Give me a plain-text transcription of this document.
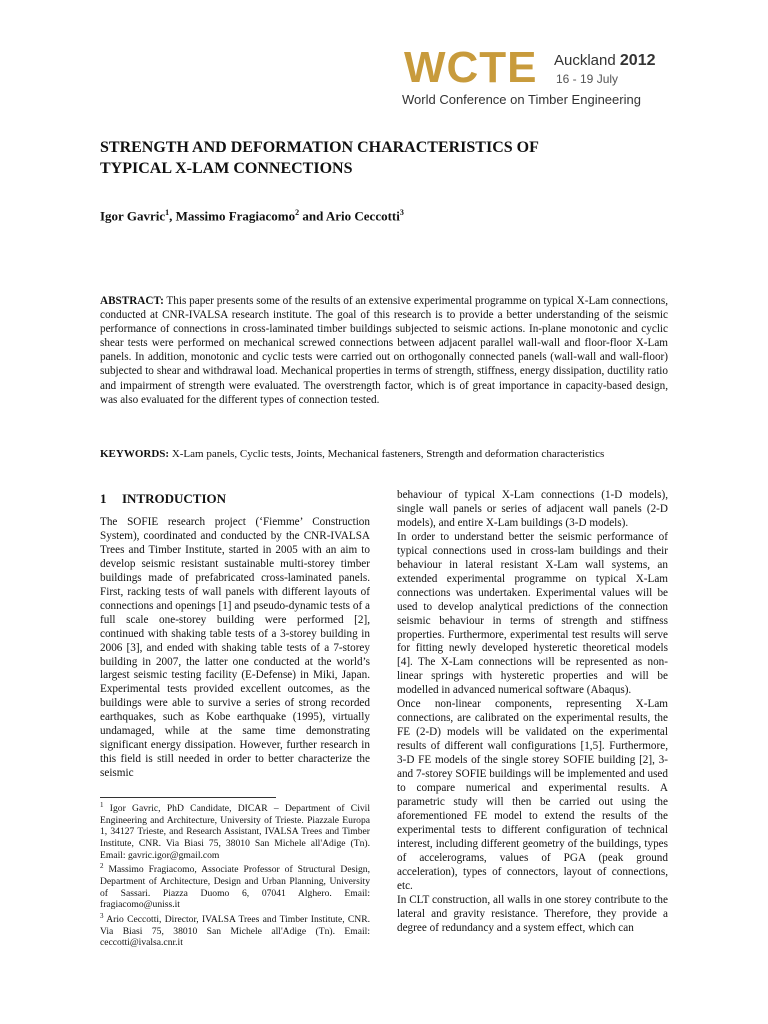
WCTE Auckland 2012
16 - 19 July
World Conference on Timber Engineering
STRENGTH AND DEFORMATION CHARACTERISTICS OF
TYPICAL X-LAM CONNECTIONS
Igor Gavric$^1$, Massimo Fragiacomo$^2$ and Ario Ceccotti$^3$
ABSTRACT: This paper presents some of the results of an extensive experimental programme on typical X-Lam connections, conducted at CNR-IVALSA research institute. The goal of this research is to provide a better understanding of the seismic performance of connections in cross-laminated timber buildings subjected to seismic actions. In-plane monotonic and cyclic shear tests were performed on mechanical screwed connections between adjacent parallel wall-wall and floor-floor X-Lam panels. In addition, monotonic and cyclic tests were carried out on orthogonally connected panels (wall-wall and wall-floor) subjected to shear and withdrawal load. Mechanical properties in terms of strength, stiffness, energy dissipation, ductility ratio and impairment of strength were evaluated. The overstrength factor, which is of great importance in capacity-based design, was also evaluated for the different types of connection tested.
KEYWORDS: X-Lam panels, Cyclic tests, Joints, Mechanical fasteners, Strength and deformation characteristics
1 INTRODUCTION
The SOFIE research project (‘Fiemme’ Construction System), coordinated and conducted by the CNR-IVALSA Trees and Timber Institute, started in 2005 with an aim to develop seismic resistant sustainable multi-storey timber buildings made of prefabricated cross-laminated panels. First, racking tests of wall panels with different layouts of connections and openings [1] and pseudo-dynamic tests of a full scale one-storey building were performed [2], continued with shaking table tests of a 3-storey building in 2006 [3], and ended with shaking table tests of a 7-storey building in 2007, the latter one conducted at the world’s largest seismic testing facility (E-Defense) in Miki, Japan. Experimental tests provided excellent outcomes, as the buildings were able to survive a series of strong recorded earthquakes, such as Kobe earthquake (1995), virtually undamaged, while at the same time demonstrating significant energy dissipation. However, further research in this field is still needed in order to better characterize the seismic

$^1$ Igor Gavric, PhD Candidate, DICAR – Department of Civil Engineering and Architecture, University of Trieste. Piazzale Europa 1, 34127 Trieste, and Research Assistant, IVALSA Trees and Timber Institute, CNR. Via Biasi 75, 38010 San Michele all'Adige (Tn). Email: gavric.igor@gmail.com

$^2$ Massimo Fragiacomo, Associate Professor of Structural Design, Department of Architecture, Design and Urban Planning, University of Sassari. Piazza Duomo 6, 07041 Alghero. Email: fragiacomo@uniss.it

$^3$ Ario Ceccotti, Director, IVALSA Trees and Timber Institute, CNR. Via Biasi 75, 38010 San Michele all'Adige (Tn). Email: ceccotti@ivalsa.cnr.it

behaviour of typical X-Lam connections (1-D models), single wall panels or series of adjacent wall panels (2-D models), and entire X-Lam buildings (3-D models).

In order to understand better the seismic performance of typical connections used in cross-lam buildings and their behaviour in lateral resistant X-Lam wall systems, an extended experimental programme on typical X-Lam connections was undertaken. Experimental values will be used to develop analytical predictions of the connection seismic behaviour in terms of strength and stiffness properties. Furthermore, experimental test results will serve for fitting newly developed hysteretic theoretical models [4]. The X-Lam connections will be represented as non-linear springs with hysteretic properties and will be modelled in advanced numerical software (Abaqus).

Once non-linear components, representing X-Lam connections, are calibrated on the experimental results, the FE (2-D) models will be validated on the experimental results of different wall configurations [1,5]. Furthermore, 3-D FE models of the single storey SOFIE building [2], 3- and 7-storey SOFIE buildings will be implemented and used to compare numerical and experimental results. A parametric study will then be carried out using the aforementioned FE model to extend the results of the experimental tests to different configuration of technical interest, including different geometry of the buildings, types of accelerograms, values of PGA (peak ground acceleration), types of connectors, layout of connections, etc.

In CLT construction, all walls in one storey contribute to the lateral and gravity resistance. Therefore, they provide a degree of redundancy and a system effect, which can
